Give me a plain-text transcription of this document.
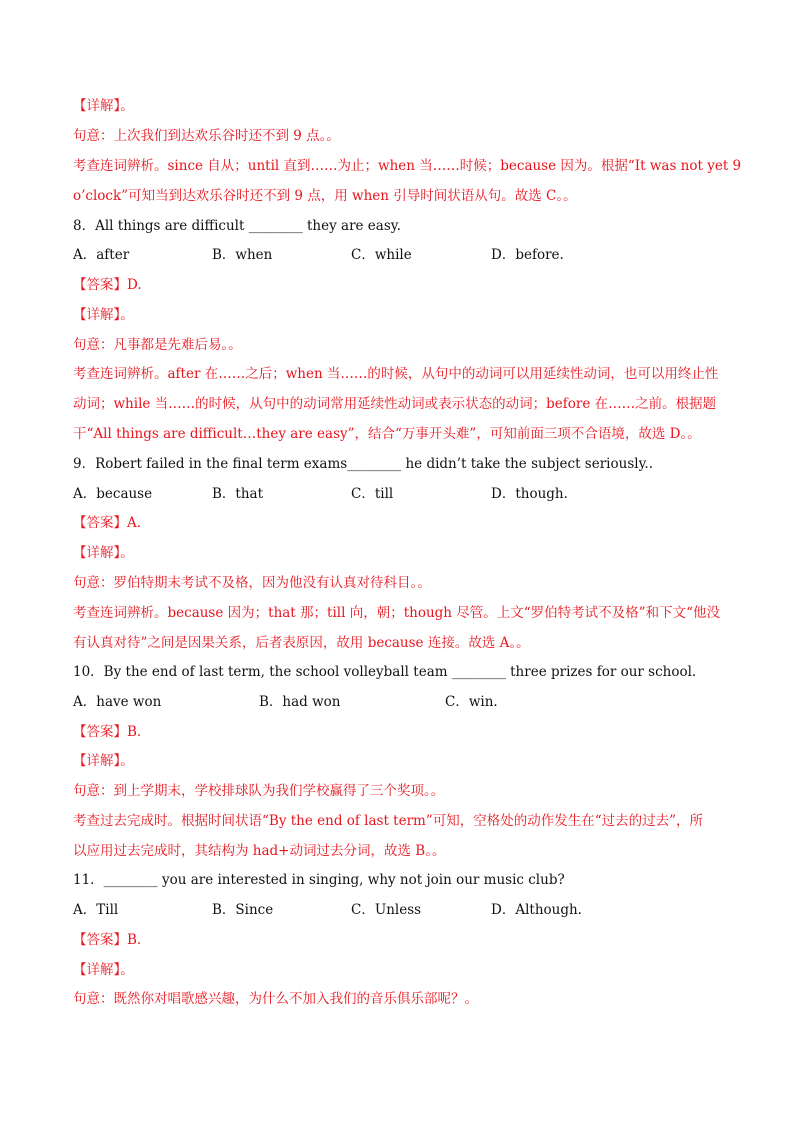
【详解】。
句意：上次我们到达欢乐谷时还不到 9 点。。
考查连词辨析。since 自从；until 直到……为止；when 当……时候；because 因为。根据“It was not yet 9
o’clock”可知当到达欢乐谷时还不到 9 点，用 when 引导时间状语从句。故选 C。。
8．All things are difficult ________ they are easy.
A．after	B．when	C．while	D．before.
【答案】D.
【详解】。
句意：凡事都是先难后易。。
考查连词辨析。after 在……之后；when 当……的时候，从句中的动词可以用延续性动词，也可以用终止性
动词；while 当……的时候，从句中的动词常用延续性动词或表示状态的动词；before 在……之前。根据题
干“All things are difficult…they are easy”，结合“万事开头难”，可知前面三项不合语境，故选 D。。
9．Robert failed in the final term exams________ he didn’t take the subject seriously..
A．because	B．that	C．till	D．though.
【答案】A.
【详解】。
句意：罗伯特期末考试不及格，因为他没有认真对待科目。。
考查连词辨析。because 因为；that 那；till 向，朝；though 尽管。上文“罗伯特考试不及格”和下文“他没
有认真对待”之间是因果关系，后者表原因，故用 because 连接。故选 A。。
10．By the end of last term, the school volleyball team ________ three prizes for our school.
A．have won	B．had won	C．win.
【答案】B.
【详解】。
句意：到上学期末，学校排球队为我们学校赢得了三个奖项。。
考查过去完成时。根据时间状语“By the end of last term”可知，空格处的动作发生在“过去的过去”，所
以应用过去完成时，其结构为 had+动词过去分词，故选 B。。
11．________ you are interested in singing, why not join our music club?
A．Till	B．Since	C．Unless	D．Although.
【答案】B.
【详解】。
句意：既然你对唱歌感兴趣，为什么不加入我们的音乐俱乐部呢？。
